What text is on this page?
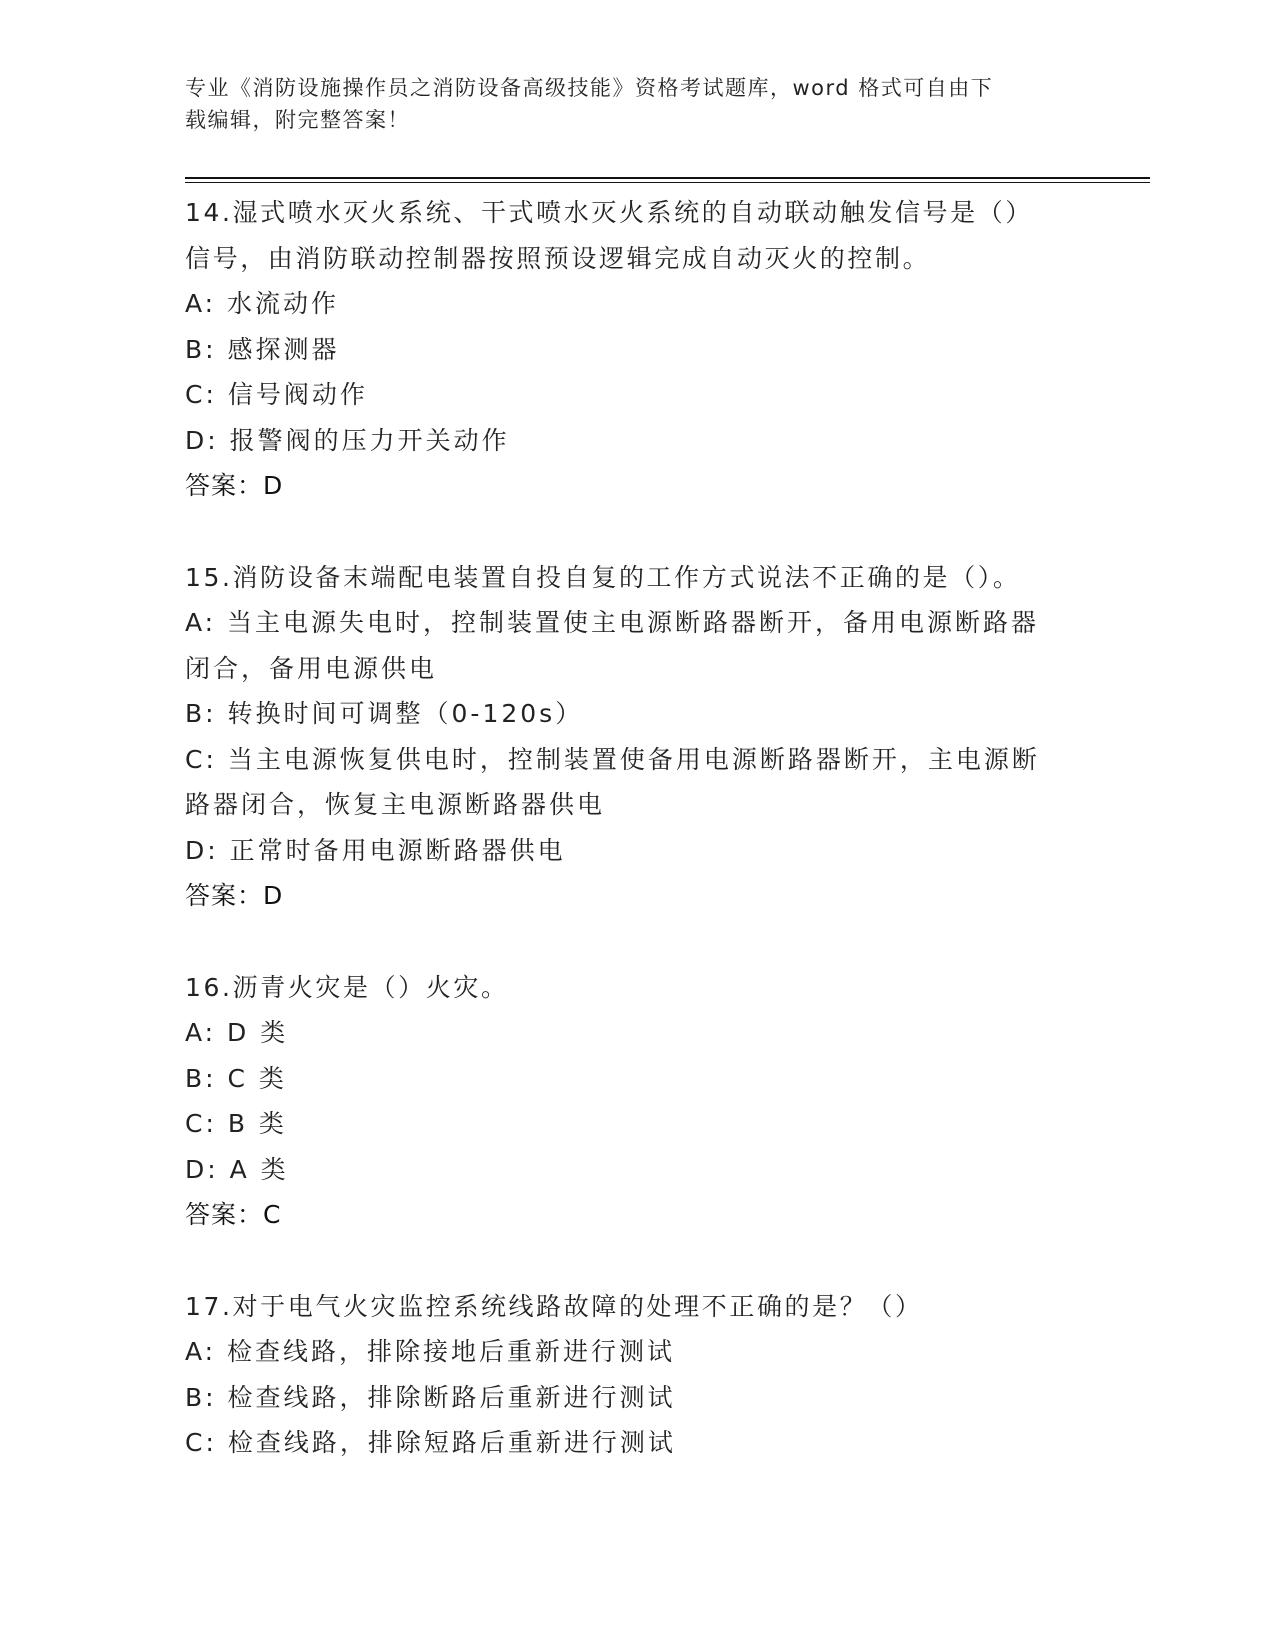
专业《消防设施操作员之消防设备高级技能》资格考试题库，word 格式可自由下
载编辑，附完整答案！
14.湿式喷水灭火系统、干式喷水灭火系统的自动联动触发信号是（）
信号，由消防联动控制器按照预设逻辑完成自动灭火的控制。
A: 水流动作
B: 感探测器
C: 信号阀动作
D: 报警阀的压力开关动作
答案：D
15.消防设备末端配电装置自投自复的工作方式说法不正确的是（）。
A: 当主电源失电时，控制装置使主电源断路器断开，备用电源断路器
闭合，备用电源供电
B: 转换时间可调整（0-120s）
C: 当主电源恢复供电时，控制装置使备用电源断路器断开，主电源断
路器闭合，恢复主电源断路器供电
D: 正常时备用电源断路器供电
答案：D
16.沥青火灾是（）火灾。
A: D 类
B: C 类
C: B 类
D: A 类
答案：C
17.对于电气火灾监控系统线路故障的处理不正确的是？（）
A: 检查线路，排除接地后重新进行测试
B: 检查线路，排除断路后重新进行测试
C: 检查线路，排除短路后重新进行测试
